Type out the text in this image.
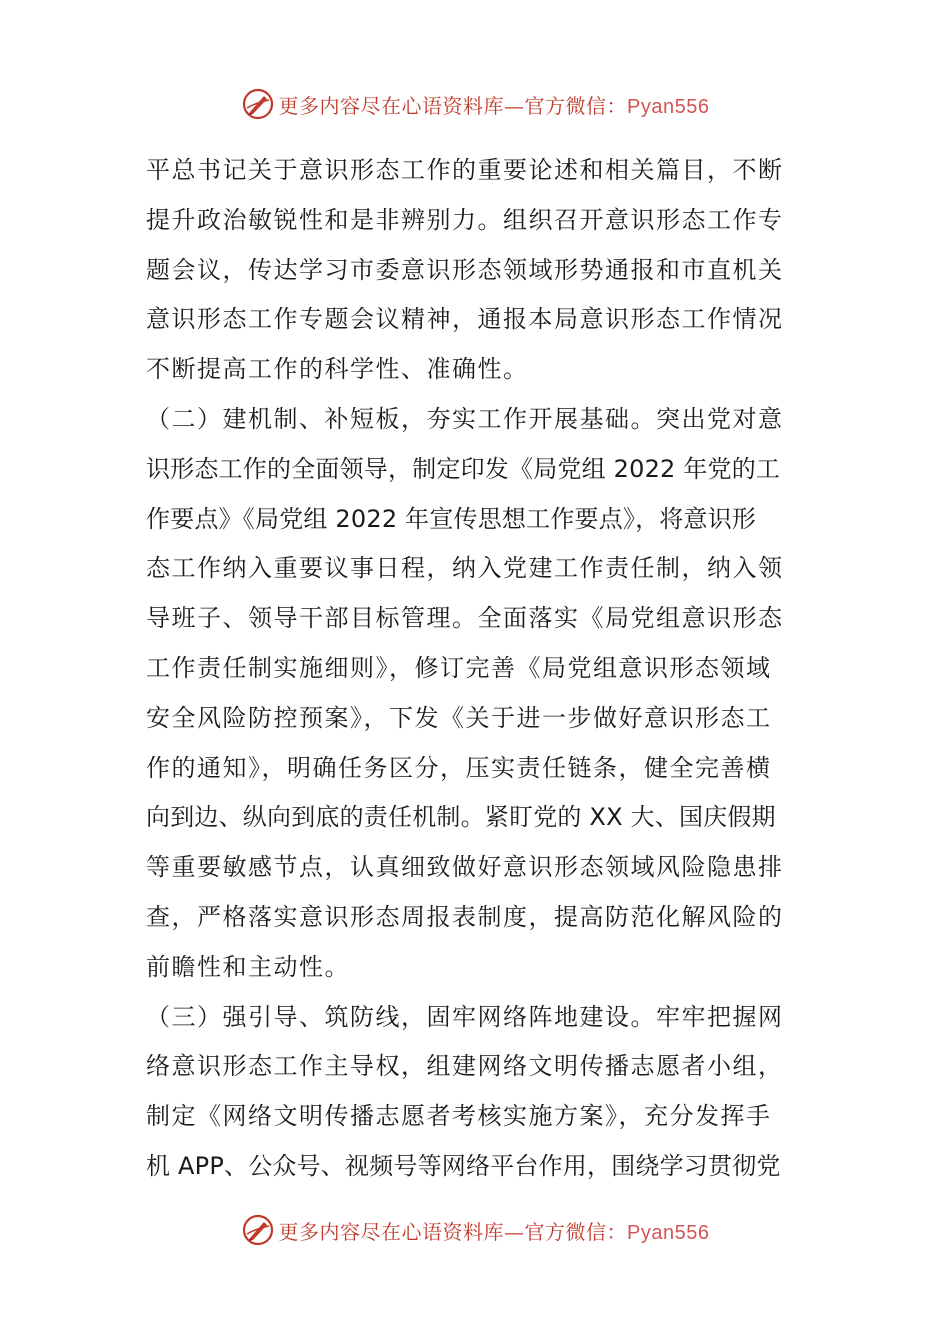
更多内容尽在心语资料库—官方微信：Pyan556
平总书记关于意识形态工作的重要论述和相关篇目，不断
提升政治敏锐性和是非辨别力。组织召开意识形态工作专
题会议，传达学习市委意识形态领域形势通报和市直机关
意识形态工作专题会议精神，通报本局意识形态工作情况
不断提高工作的科学性、准确性。
（二）建机制、补短板，夯实工作开展基础。突出党对意
识形态工作的全面领导，制定印发《局党组 2022 年党的工
作要点》《局党组 2022 年宣传思想工作要点》，将意识形
态工作纳入重要议事日程，纳入党建工作责任制，纳入领
导班子、领导干部目标管理。全面落实《局党组意识形态
工作责任制实施细则》，修订完善《局党组意识形态领域
安全风险防控预案》，下发《关于进一步做好意识形态工
作的通知》，明确任务区分，压实责任链条，健全完善横
向到边、纵向到底的责任机制。紧盯党的 XX 大、国庆假期
等重要敏感节点，认真细致做好意识形态领域风险隐患排
查，严格落实意识形态周报表制度，提高防范化解风险的
前瞻性和主动性。
（三）强引导、筑防线，固牢网络阵地建设。牢牢把握网
络意识形态工作主导权，组建网络文明传播志愿者小组，
制定《网络文明传播志愿者考核实施方案》，充分发挥手
机 APP、公众号、视频号等网络平台作用，围绕学习贯彻党
更多内容尽在心语资料库—官方微信：Pyan556
